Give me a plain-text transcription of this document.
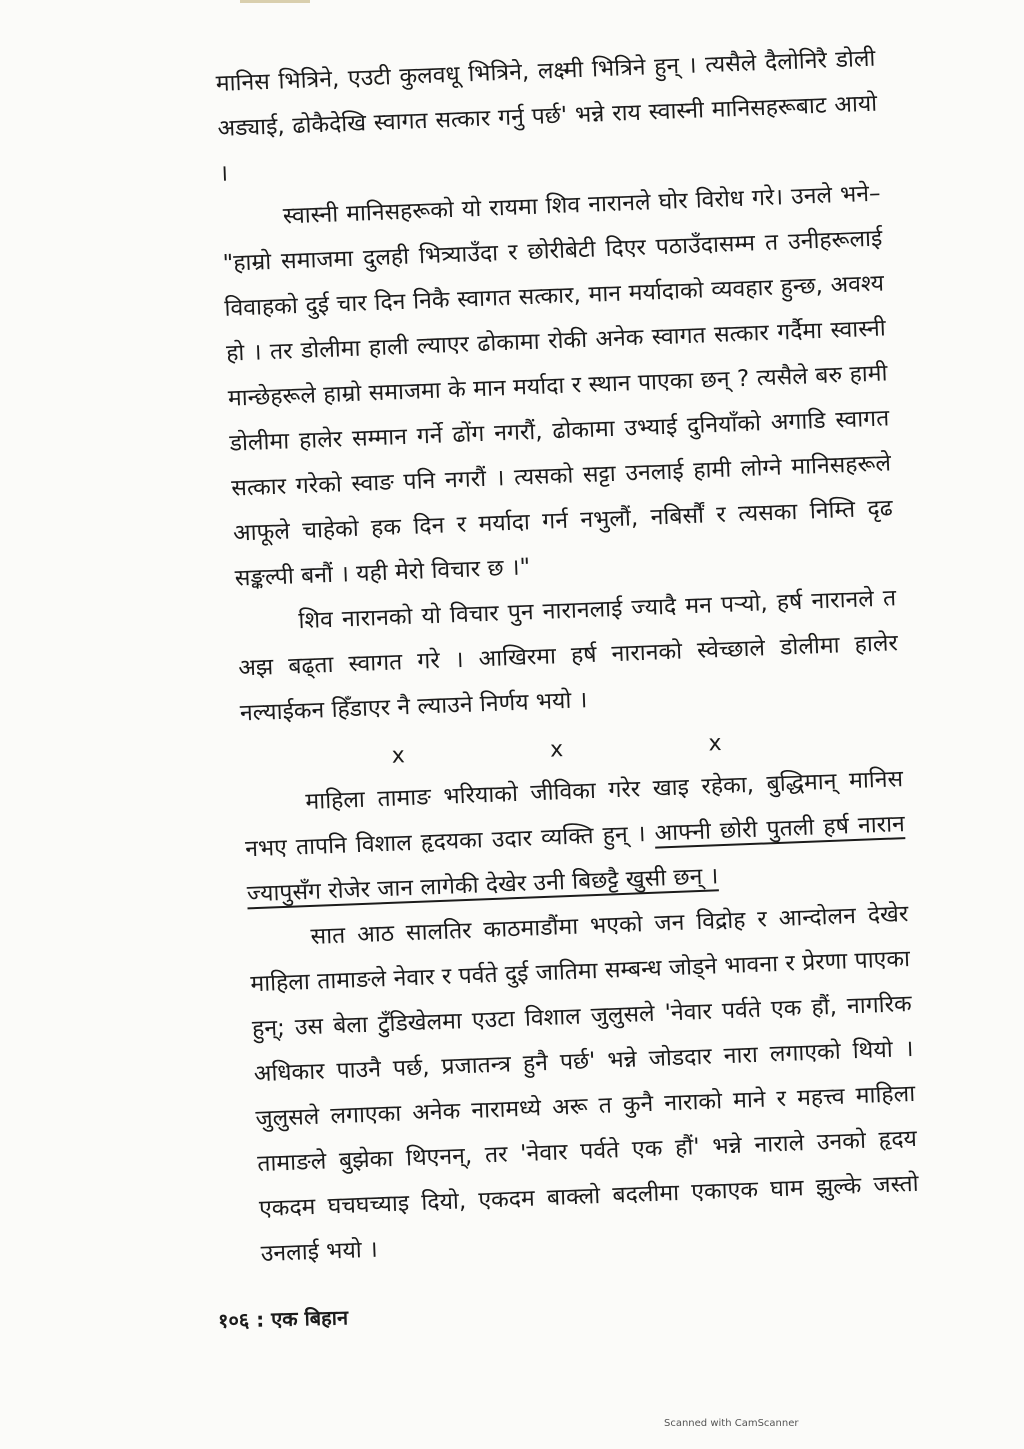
मानिस भित्रिने, एउटी कुलवधू भित्रिने, लक्ष्मी भित्रिने हुन् । त्यसैले दैलोनिरै डोली अड्याई, ढोकैदेखि स्वागत सत्कार गर्नु पर्छ' भन्ने राय स्वास्नी मानिसहरूबाट आयो ।

स्वास्नी मानिसहरूको यो रायमा शिव नारानले घोर विरोध गरे। उनले भने– "हाम्रो समाजमा दुलही भित्र्याउँदा र छोरीबेटी दिएर पठाउँदासम्म त उनीहरूलाई विवाहको दुई चार दिन निकै स्वागत सत्कार, मान मर्यादाको व्यवहार हुन्छ, अवश्य हो । तर डोलीमा हाली ल्याएर ढोकामा रोकी अनेक स्वागत सत्कार गर्दैमा स्वास्नी मान्छेहरूले हाम्रो समाजमा के मान मर्यादा र स्थान पाएका छन् ? त्यसैले बरु हामी डोलीमा हालेर सम्मान गर्ने ढोंग नगरौं, ढोकामा उभ्याई दुनियाँको अगाडि स्वागत सत्कार गरेको स्वाङ पनि नगरौं । त्यसको सट्टा उनलाई हामी लोग्ने मानिसहरूले आफूले चाहेको हक दिन र मर्यादा गर्न नभुलौं, नबिर्सौं र त्यसका निम्ति दृढ सङ्कल्पी बनौं । यही मेरो विचार छ ।"

शिव नारानको यो विचार पुन नारानलाई ज्यादै मन पर्‍यो, हर्ष नारानले त अझ बढ्ता स्वागत गरे । आखिरमा हर्ष नारानको स्वेच्छाले डोलीमा हालेर नल्याईकन हिँडाएर नै ल्याउने निर्णय भयो ।

x	x	x

माहिला तामाङ भरियाको जीविका गरेर खाइ रहेका, बुद्धिमान् मानिस नभए तापनि विशाल हृदयका उदार व्यक्ति हुन् । आफ्नी छोरी पुतली हर्ष नारान ज्यापुसँग रोजेर जान लागेकी देखेर उनी बिछट्टै खुसी छन् ।

सात आठ सालतिर काठमाडौंमा भएको जन विद्रोह र आन्दोलन देखेर माहिला तामाङले नेवार र पर्वते दुई जातिमा सम्बन्ध जोड्ने भावना र प्रेरणा पाएका हुन्; उस बेला टुँडिखेलमा एउटा विशाल जुलुसले 'नेवार पर्वते एक हौं, नागरिक अधिकार पाउनै पर्छ, प्रजातन्त्र हुनै पर्छ' भन्ने जोडदार नारा लगाएको थियो । जुलुसले लगाएका अनेक नारामध्ये अरू त कुनै नाराको माने र महत्त्व माहिला तामाङले बुझेका थिएनन्, तर 'नेवार पर्वते एक हौं' भन्ने नाराले उनको हृदय एकदम घचघच्याइ दियो, एकदम बाक्लो बदलीमा एकाएक घाम झुल्के जस्तो उनलाई भयो ।

१०६ : एक बिहान
Scanned with CamScanner
